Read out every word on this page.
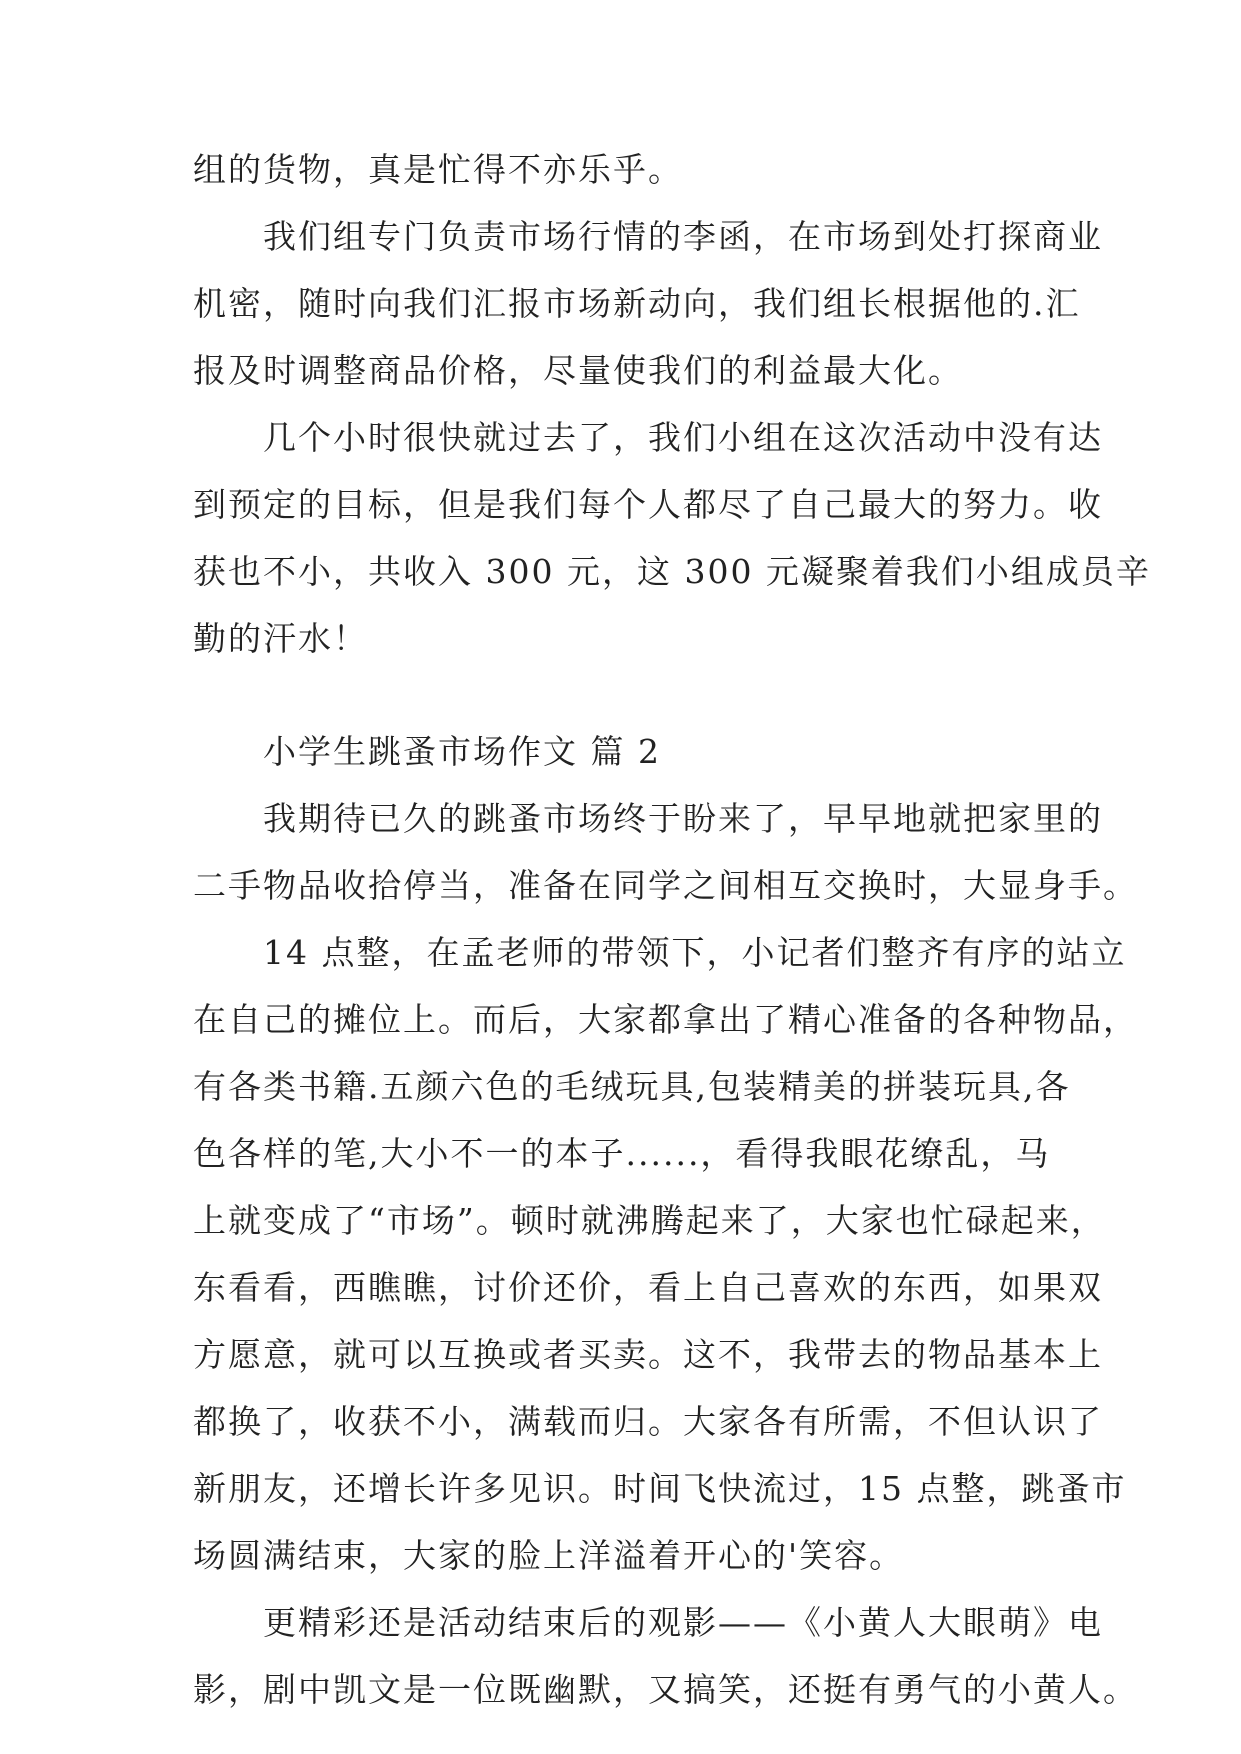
组的货物，真是忙得不亦乐乎。
　　我们组专门负责市场行情的李函，在市场到处打探商业
机密，随时向我们汇报市场新动向，我们组长根据他的.汇
报及时调整商品价格，尽量使我们的利益最大化。
　　几个小时很快就过去了，我们小组在这次活动中没有达
到预定的目标，但是我们每个人都尽了自己最大的努力。收
获也不小，共收入 300 元，这 300 元凝聚着我们小组成员辛
勤的汗水！
　　小学生跳蚤市场作文 篇 2
　　我期待已久的跳蚤市场终于盼来了，早早地就把家里的
二手物品收拾停当，准备在同学之间相互交换时，大显身手。
　　14 点整，在孟老师的带领下，小记者们整齐有序的站立
在自己的摊位上。而后，大家都拿出了精心准备的各种物品，
有各类书籍.五颜六色的毛绒玩具,包装精美的拼装玩具,各
色各样的笔,大小不一的本子......，看得我眼花缭乱，马
上就变成了“市场”。顿时就沸腾起来了，大家也忙碌起来，
东看看，西瞧瞧，讨价还价，看上自己喜欢的东西，如果双
方愿意，就可以互换或者买卖。这不，我带去的物品基本上
都换了，收获不小，满载而归。大家各有所需，不但认识了
新朋友，还增长许多见识。时间飞快流过，15 点整，跳蚤市
场圆满结束，大家的脸上洋溢着开心的'笑容。
　　更精彩还是活动结束后的观影——《小黄人大眼萌》电
影，剧中凯文是一位既幽默，又搞笑，还挺有勇气的小黄人。
